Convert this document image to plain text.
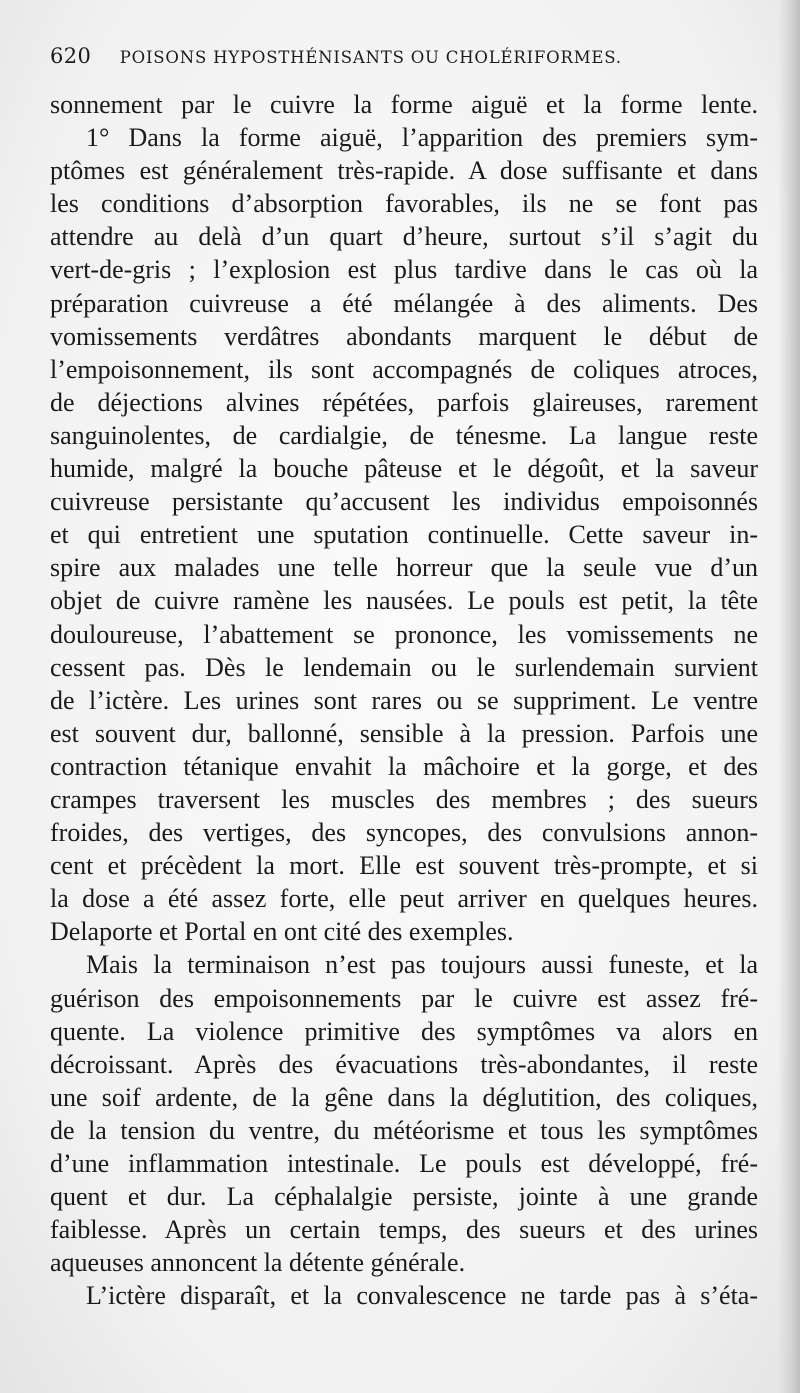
620 POISONS HYPOSTHÉNISANTS OU CHOLÉRIFORMES.
sonnement par le cuivre la forme aiguë et la forme lente.
1° Dans la forme aiguë, l’apparition des premiers sym-
ptômes est généralement très-rapide. A dose suffisante et dans
les conditions d’absorption favorables, ils ne se font pas
attendre au delà d’un quart d’heure, surtout s’il s’agit du
vert-de-gris ; l’explosion est plus tardive dans le cas où la
préparation cuivreuse a été mélangée à des aliments. Des
vomissements verdâtres abondants marquent le début de
l’empoisonnement, ils sont accompagnés de coliques atroces,
de déjections alvines répétées, parfois glaireuses, rarement
sanguinolentes, de cardialgie, de ténesme. La langue reste
humide, malgré la bouche pâteuse et le dégoût, et la saveur
cuivreuse persistante qu’accusent les individus empoisonnés
et qui entretient une sputation continuelle. Cette saveur in-
spire aux malades une telle horreur que la seule vue d’un
objet de cuivre ramène les nausées. Le pouls est petit, la tête
douloureuse, l’abattement se prononce, les vomissements ne
cessent pas. Dès le lendemain ou le surlendemain survient
de l’ictère. Les urines sont rares ou se suppriment. Le ventre
est souvent dur, ballonné, sensible à la pression. Parfois une
contraction tétanique envahit la mâchoire et la gorge, et des
crampes traversent les muscles des membres ; des sueurs
froides, des vertiges, des syncopes, des convulsions annon-
cent et précèdent la mort. Elle est souvent très-prompte, et si
la dose a été assez forte, elle peut arriver en quelques heures.
Delaporte et Portal en ont cité des exemples.
Mais la terminaison n’est pas toujours aussi funeste, et la
guérison des empoisonnements par le cuivre est assez fré-
quente. La violence primitive des symptômes va alors en
décroissant. Après des évacuations très-abondantes, il reste
une soif ardente, de la gêne dans la déglutition, des coliques,
de la tension du ventre, du météorisme et tous les symptômes
d’une inflammation intestinale. Le pouls est développé, fré-
quent et dur. La céphalalgie persiste, jointe à une grande
faiblesse. Après un certain temps, des sueurs et des urines
aqueuses annoncent la détente générale.
L’ictère disparaît, et la convalescence ne tarde pas à s’éta-
